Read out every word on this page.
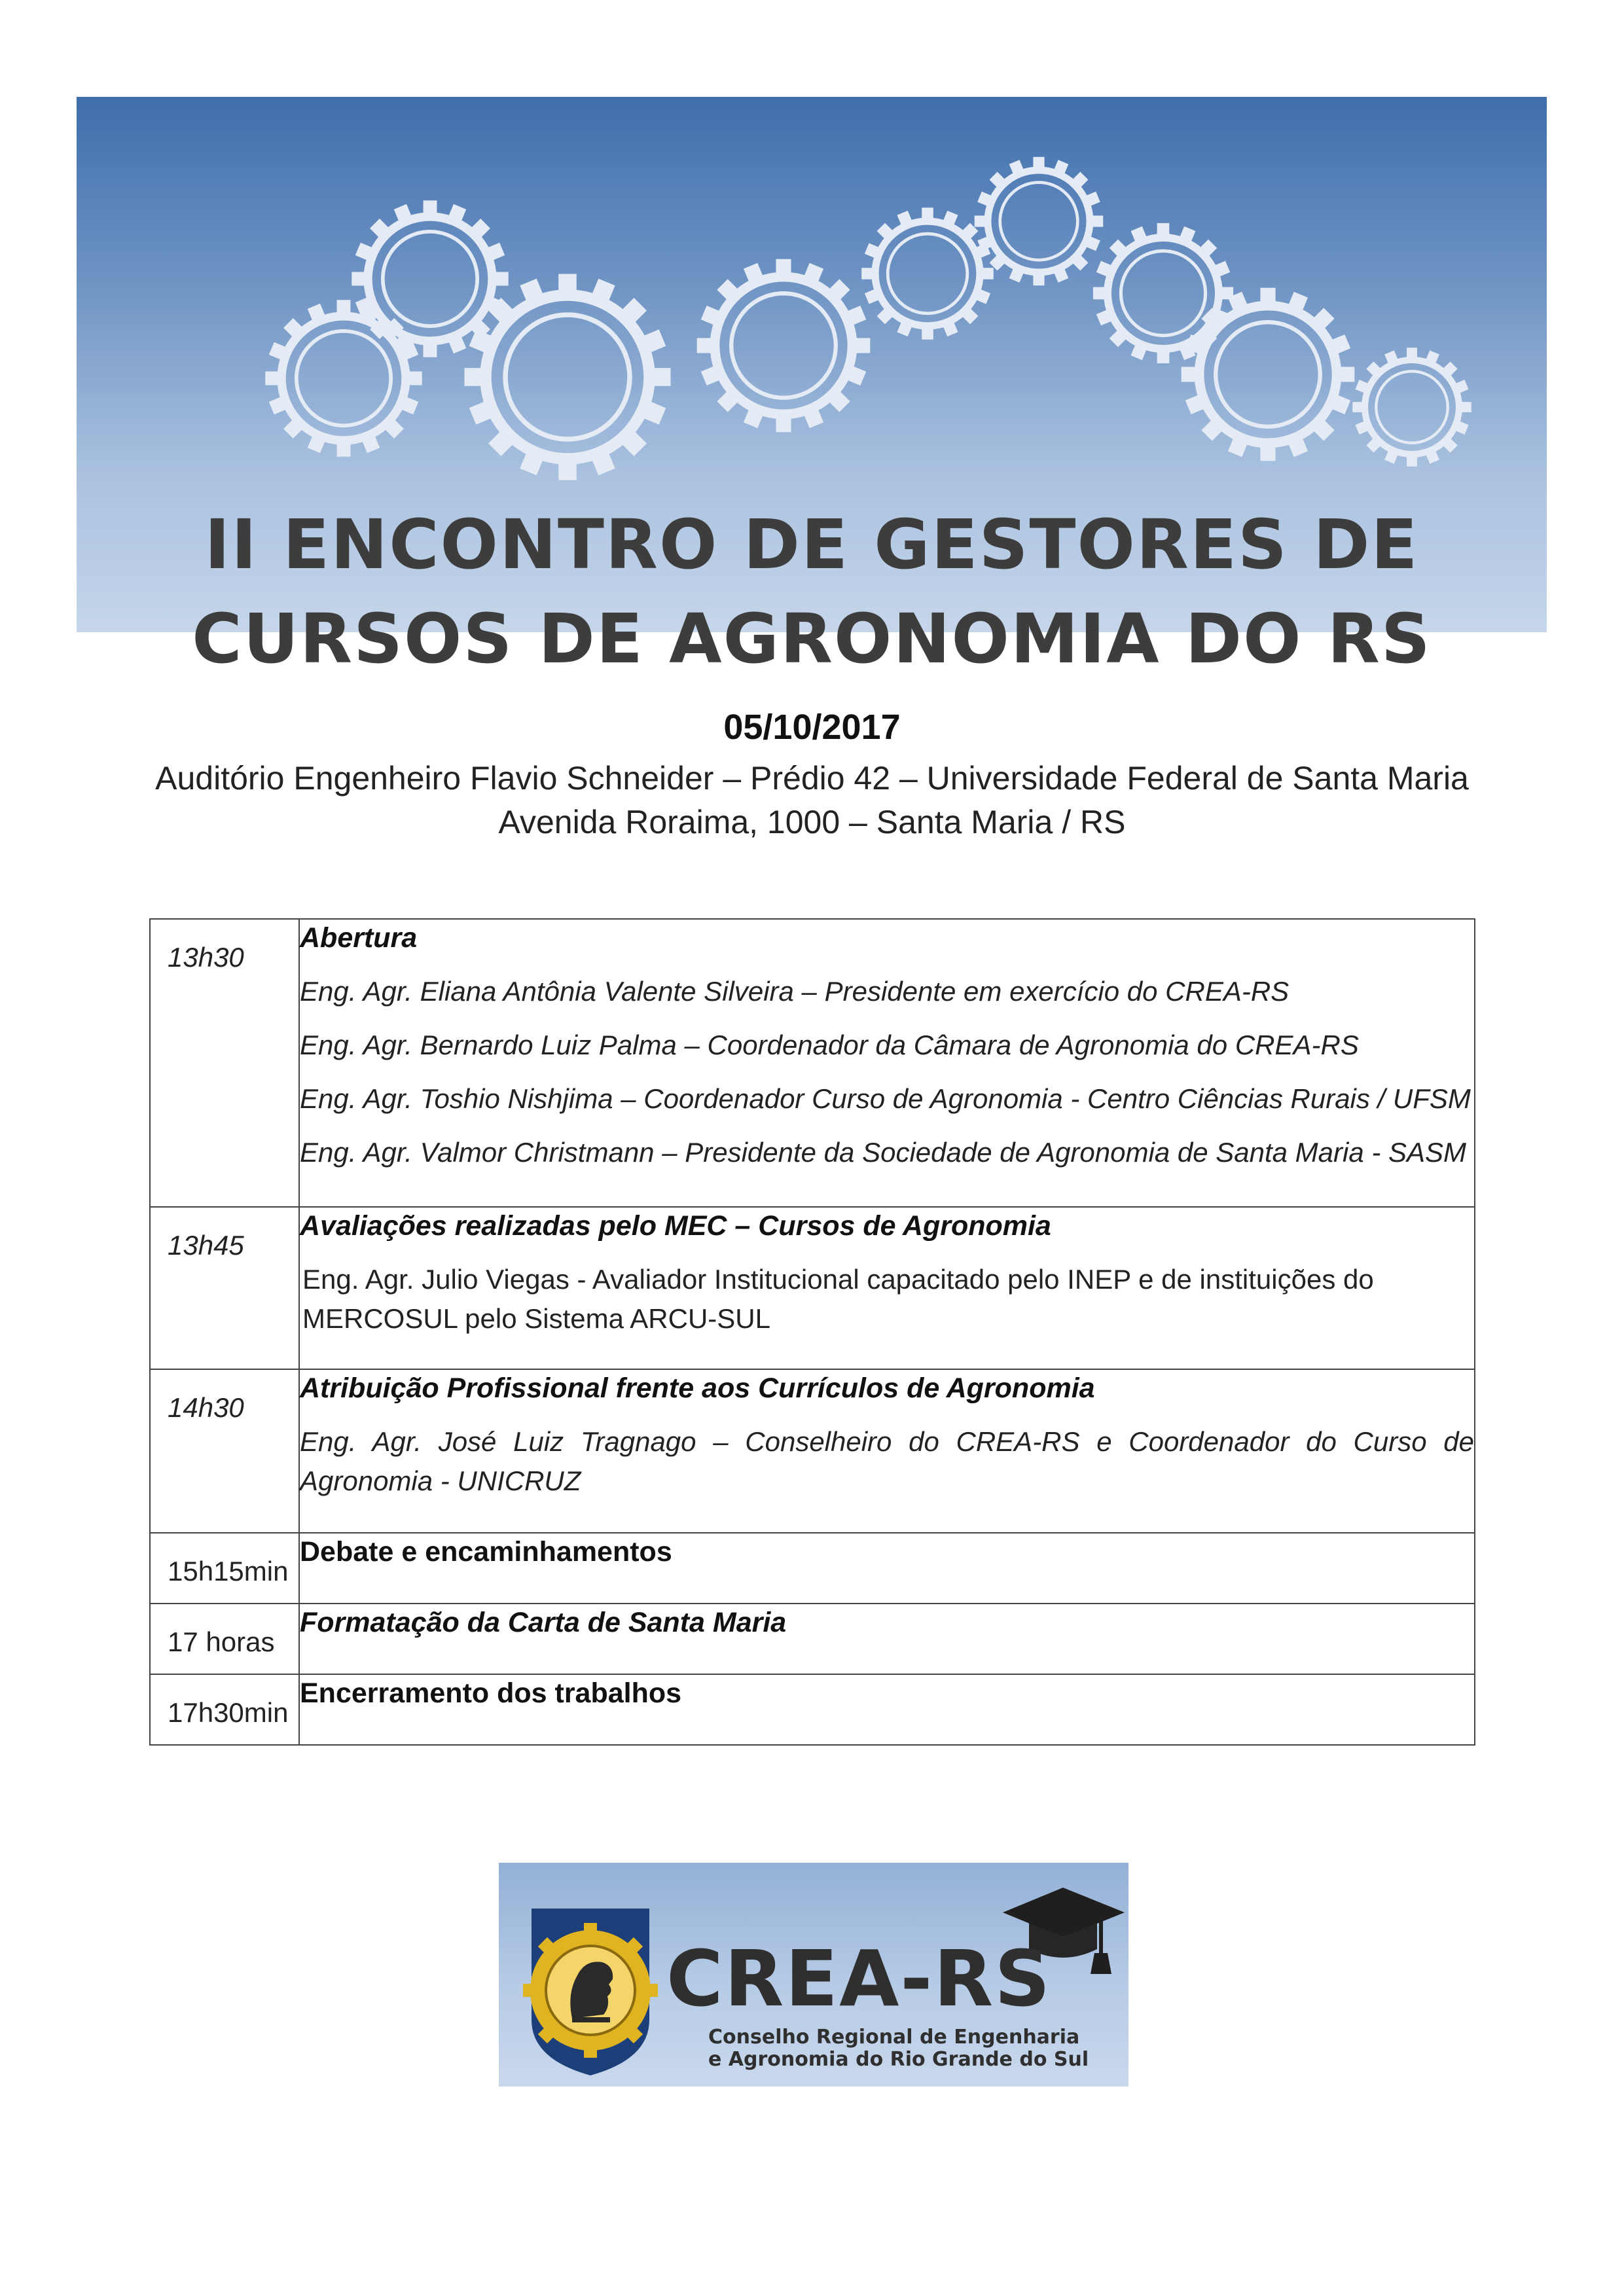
II ENCONTRO DE GESTORES DE
CURSOS DE AGRONOMIA DO RS
05/10/2017
Auditório Engenheiro Flavio Schneider – Prédio 42 – Universidade Federal de Santa Maria
Avenida Roraima, 1000 – Santa Maria / RS
13h30	Abertura
Eng. Agr. Eliana Antônia Valente Silveira – Presidente em exercício do CREA-RS
Eng. Agr. Bernardo Luiz Palma – Coordenador da Câmara de Agronomia do CREA-RS
Eng. Agr. Toshio Nishjima – Coordenador Curso de Agronomia - Centro Ciências Rurais / UFSM
Eng. Agr. Valmor Christmann – Presidente da Sociedade de Agronomia de Santa Maria - SASM

13h45	Avaliações realizadas pelo MEC – Cursos de Agronomia
Eng. Agr. Julio Viegas - Avaliador Institucional capacitado pelo INEP e de instituições do MERCOSUL pelo Sistema ARCU-SUL

14h30	Atribuição Profissional frente aos Currículos de Agronomia
Eng. Agr. José Luiz Tragnago – Conselheiro do CREA-RS e Coordenador do Curso de Agronomia - UNICRUZ

15h15min	Debate e encaminhamentos

17 horas	Formatação da Carta de Santa Maria

17h30min	Encerramento dos trabalhos
CREA-RS
Conselho Regional de Engenharia
e Agronomia do Rio Grande do Sul
